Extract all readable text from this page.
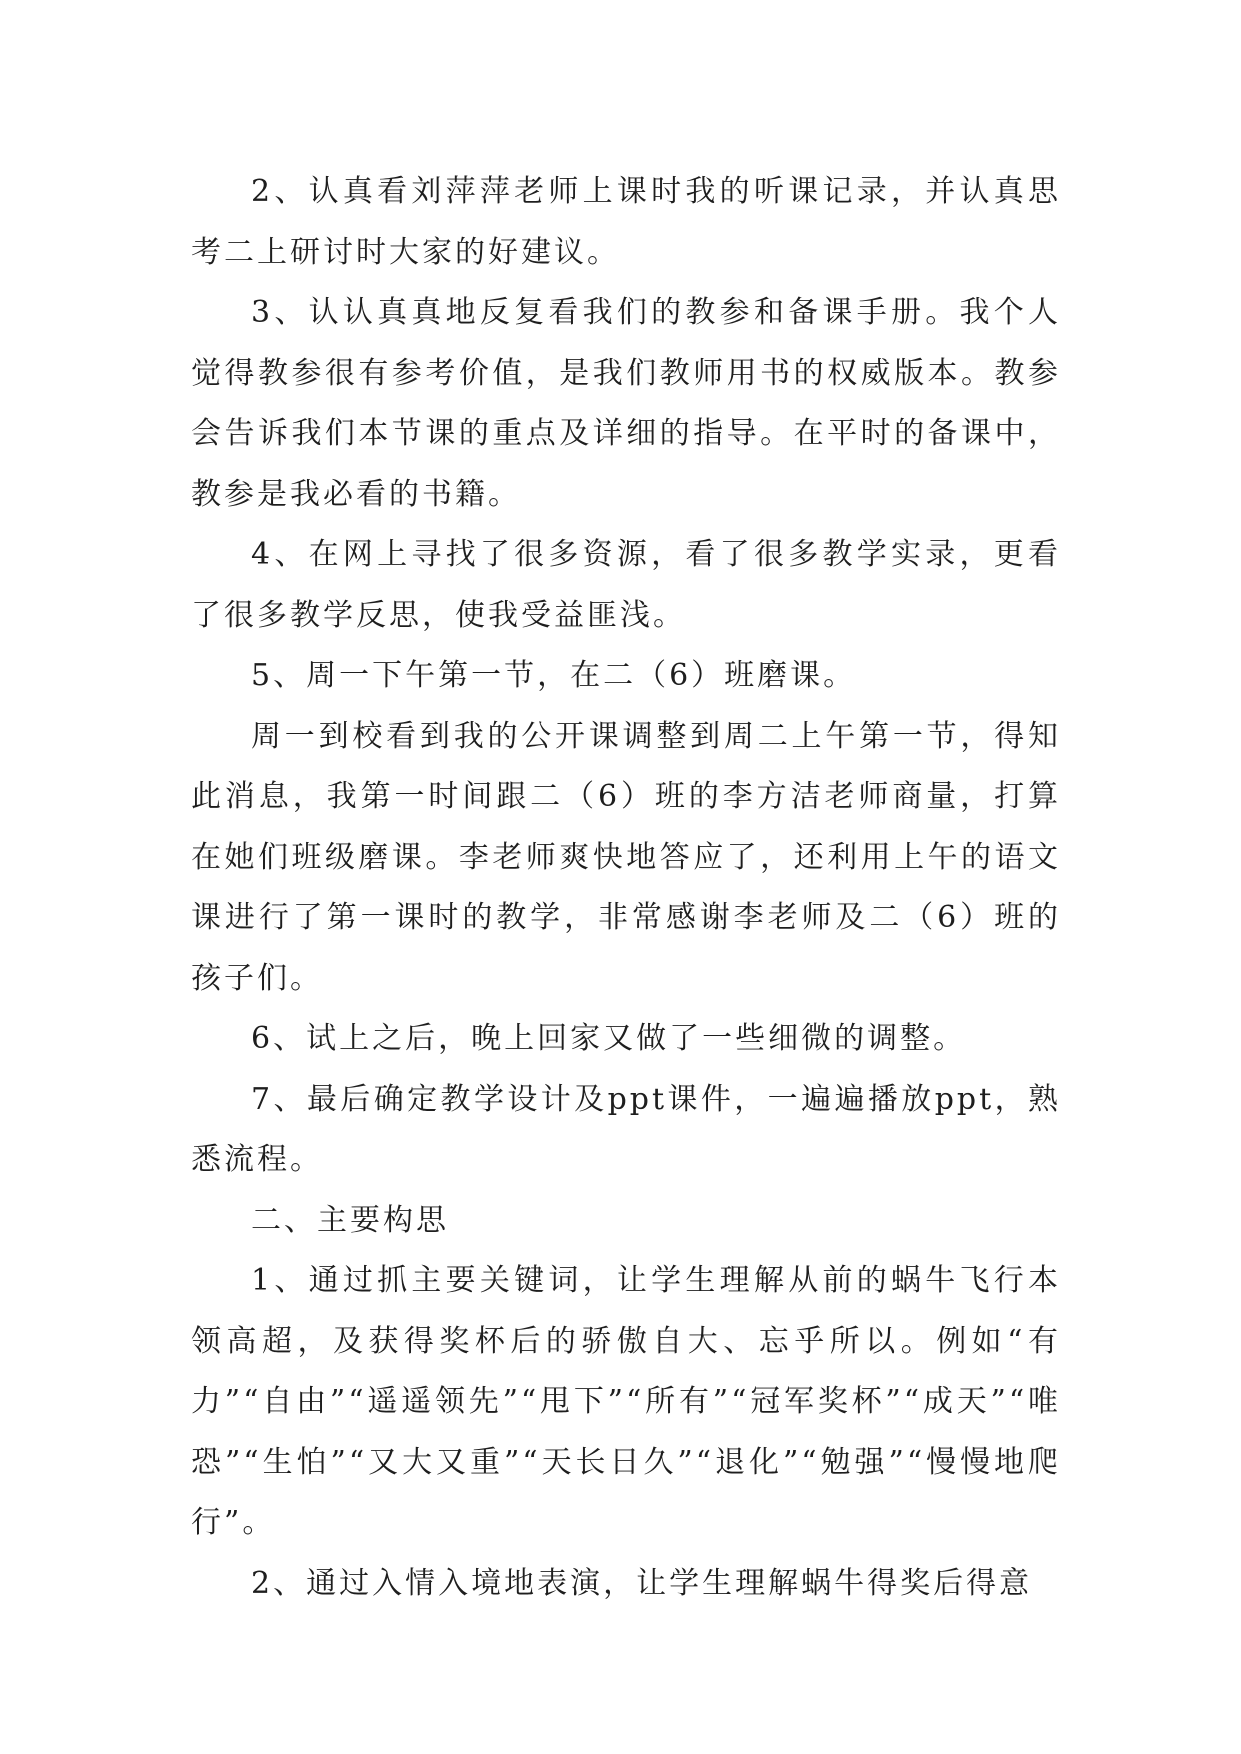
2、认真看刘萍萍老师上课时我的听课记录，并认真思考二上研讨时大家的好建议。

3、认认真真地反复看我们的教参和备课手册。我个人觉得教参很有参考价值，是我们教师用书的权威版本。教参会告诉我们本节课的重点及详细的指导。在平时的备课中，教参是我必看的书籍。

4、在网上寻找了很多资源，看了很多教学实录，更看了很多教学反思，使我受益匪浅。

5、周一下午第一节，在二（6）班磨课。

周一到校看到我的公开课调整到周二上午第一节，得知此消息，我第一时间跟二（6）班的李方洁老师商量，打算在她们班级磨课。李老师爽快地答应了，还利用上午的语文课进行了第一课时的教学，非常感谢李老师及二（6）班的孩子们。

6、试上之后，晚上回家又做了一些细微的调整。

7、最后确定教学设计及ppt课件，一遍遍播放ppt，熟悉流程。

二、主要构思

1、通过抓主要关键词，让学生理解从前的蜗牛飞行本领高超，及获得奖杯后的骄傲自大、忘乎所以。例如“有力”“自由”“遥遥领先”“甩下”“所有”“冠军奖杯”“成天”“唯恐”“生怕”“又大又重”“天长日久”“退化”“勉强”“慢慢地爬行”。

2、通过入情入境地表演，让学生理解蜗牛得奖后得意
